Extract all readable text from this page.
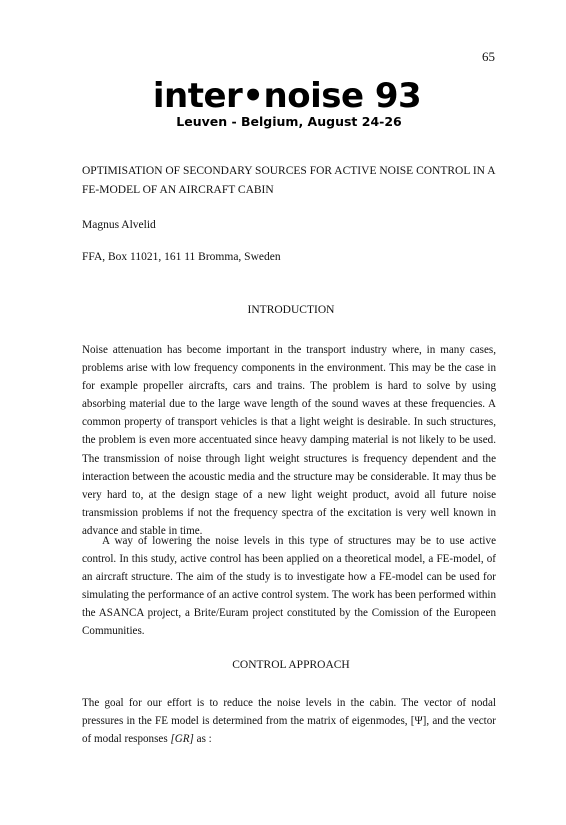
65
inter•noise 93
Leuven - Belgium, August 24-26
OPTIMISATION OF SECONDARY SOURCES FOR ACTIVE NOISE CONTROL IN A FE-MODEL OF AN AIRCRAFT CABIN
Magnus Alvelid
FFA, Box 11021, 161 11 Bromma, Sweden
INTRODUCTION
Noise attenuation has become important in the transport industry where, in many cases, problems arise with low frequency components in the environment. This may be the case in for example propeller aircrafts, cars and trains. The problem is hard to solve by using absorbing material due to the large wave length of the sound waves at these frequencies. A common property of transport vehicles is that a light weight is desirable. In such structures, the problem is even more accentuated since heavy damping material is not likely to be used. The transmission of noise through light weight structures is frequency dependent and the interaction between the acoustic media and the structure may be considerable. It may thus be very hard to, at the design stage of a new light weight product, avoid all future noise transmission problems if not the frequency spectra of the excitation is very well known in advance and stable in time.
A way of lowering the noise levels in this type of structures may be to use active control. In this study, active control has been applied on a theoretical model, a FE-model, of an aircraft structure. The aim of the study is to investigate how a FE-model can be used for simulating the performance of an active control system. The work has been performed within the ASANCA project, a Brite/Euram project constituted by the Comission of the Europeen Communities.
CONTROL APPROACH
The goal for our effort is to reduce the noise levels in the cabin. The vector of nodal pressures in the FE model is determined from the matrix of eigenmodes, [Ψ], and the vector of modal responses [GR] as :
